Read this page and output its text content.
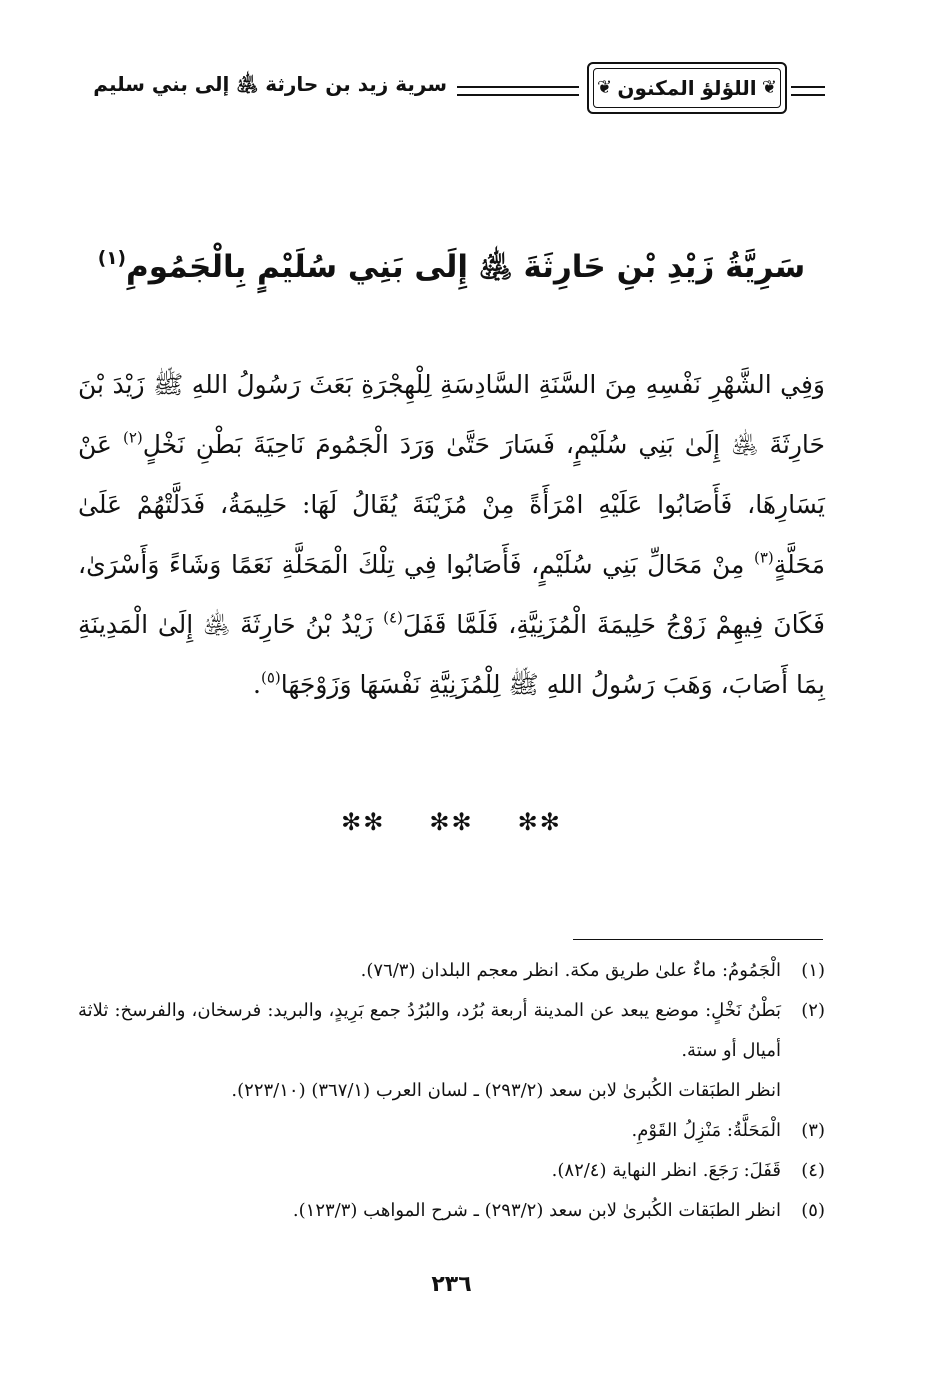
❦
اللؤلؤ المكنون
❦
سرية زيد بن حارثة ﵁ إلى بني سليم
سَرِيَّةُ زَيْدِ بْنِ حَارِثَةَ ﵁ إِلَى بَنِي سُلَيْمٍ بِالْجَمُومِ$^{(١)}$
وَفِي الشَّهْرِ نَفْسِهِ مِنَ السَّنَةِ السَّادِسَةِ لِلْهِجْرَةِ بَعَثَ رَسُولُ اللهِ ﷺ زَيْدَ بْنَ حَارِثَةَ ﵁ إِلَىٰ بَنِي سُلَيْمٍ، فَسَارَ حَتَّىٰ وَرَدَ الْجَمُومَ نَاحِيَةَ بَطْنِ نَخْلٍ$^{(٢)}$ عَنْ يَسَارِهَا، فَأَصَابُوا عَلَيْهِ امْرَأَةً مِنْ مُزَيْنَةَ يُقَالُ لَهَا: حَلِيمَةُ، فَدَلَّتْهُمْ عَلَىٰ مَحَلَّةٍ$^{(٣)}$ مِنْ مَحَالِّ بَنِي سُلَيْمٍ، فَأَصَابُوا فِي تِلْكَ الْمَحَلَّةِ نَعَمًا وَشَاءً وَأَسْرَىٰ، فَكَانَ فِيهِمْ زَوْجُ حَلِيمَةَ الْمُزَنِيَّةِ، فَلَمَّا قَفَلَ$^{(٤)}$ زَيْدُ بْنُ حَارِثَةَ ﵁ إِلَىٰ الْمَدِينَةِ بِمَا أَصَابَ، وَهَبَ رَسُولُ اللهِ ﷺ لِلْمُزَنِيَّةِ نَفْسَهَا وَزَوْجَهَا$^{(٥)}$.
✻✻ ✻✻ ✻✻
(١)
الْجَمُومُ: ماءٌ علىٰ طريق مكة. انظر معجم البلدان (٧٦/٣).
(٢)
بَطْنُ نَخْلٍ: موضع يبعد عن المدينة أربعة بُرُد، والبُرُدُ جمع بَرِيدٍ، والبريد: فرسخان، والفرسخ: ثلاثة أميال أو ستة.
انظر الطبَقات الكُبرىٰ لابن سعد (٢٩٣/٢) ـ لسان العرب (٣٦٧/١) (٢٢٣/١٠).
(٣)
الْمَحَلَّةُ: مَنْزِلُ القَوْمِ.
(٤)
قَفَلَ: رَجَعَ. انظر النهاية (٨٢/٤).
(٥)
انظر الطبَقات الكُبرىٰ لابن سعد (٢٩٣/٢) ـ شرح المواهب (١٢٣/٣).
٢٣٦
